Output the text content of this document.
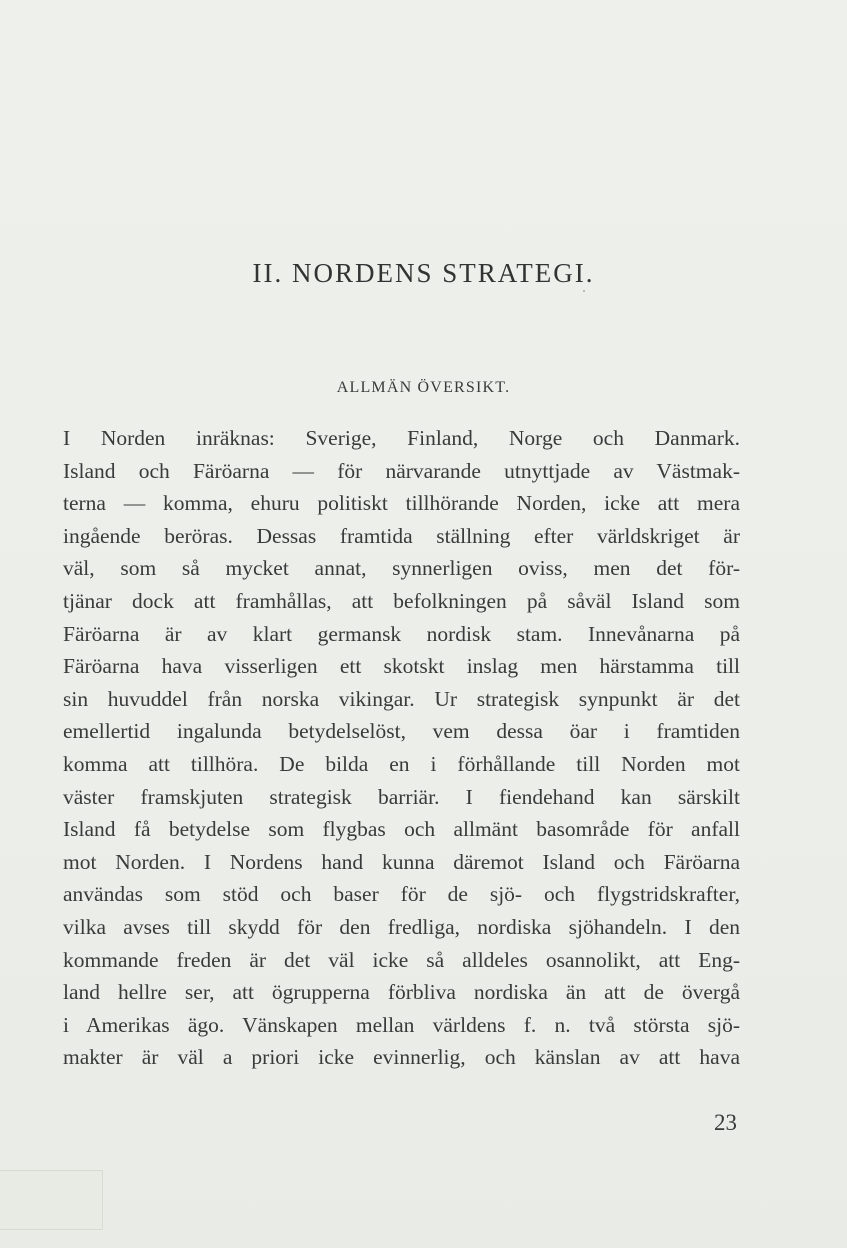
II. NORDENS STRATEGI.
ALLMÄN ÖVERSIKT.
I Norden inräknas: Sverige, Finland, Norge och Danmark.
Island och Färöarna — för närvarande utnyttjade av Västmak-
terna — komma, ehuru politiskt tillhörande Norden, icke att mera
ingående beröras. Dessas framtida ställning efter världskriget är
väl, som så mycket annat, synnerligen oviss, men det för-
tjänar dock att framhållas, att befolkningen på såväl Island som
Färöarna är av klart germansk nordisk stam. Innevånarna på
Färöarna hava visserligen ett skotskt inslag men härstamma till
sin huvuddel från norska vikingar. Ur strategisk synpunkt är det
emellertid ingalunda betydelselöst, vem dessa öar i framtiden
komma att tillhöra. De bilda en i förhållande till Norden mot
väster framskjuten strategisk barriär. I fiendehand kan särskilt
Island få betydelse som flygbas och allmänt basområde för anfall
mot Norden. I Nordens hand kunna däremot Island och Färöarna
användas som stöd och baser för de sjö- och flygstridskrafter,
vilka avses till skydd för den fredliga, nordiska sjöhandeln. I den
kommande freden är det väl icke så alldeles osannolikt, att Eng-
land hellre ser, att ögrupperna förbliva nordiska än att de övergå
i Amerikas ägo. Vänskapen mellan världens f. n. två största sjö-
makter är väl a priori icke evinnerlig, och känslan av att hava
23
